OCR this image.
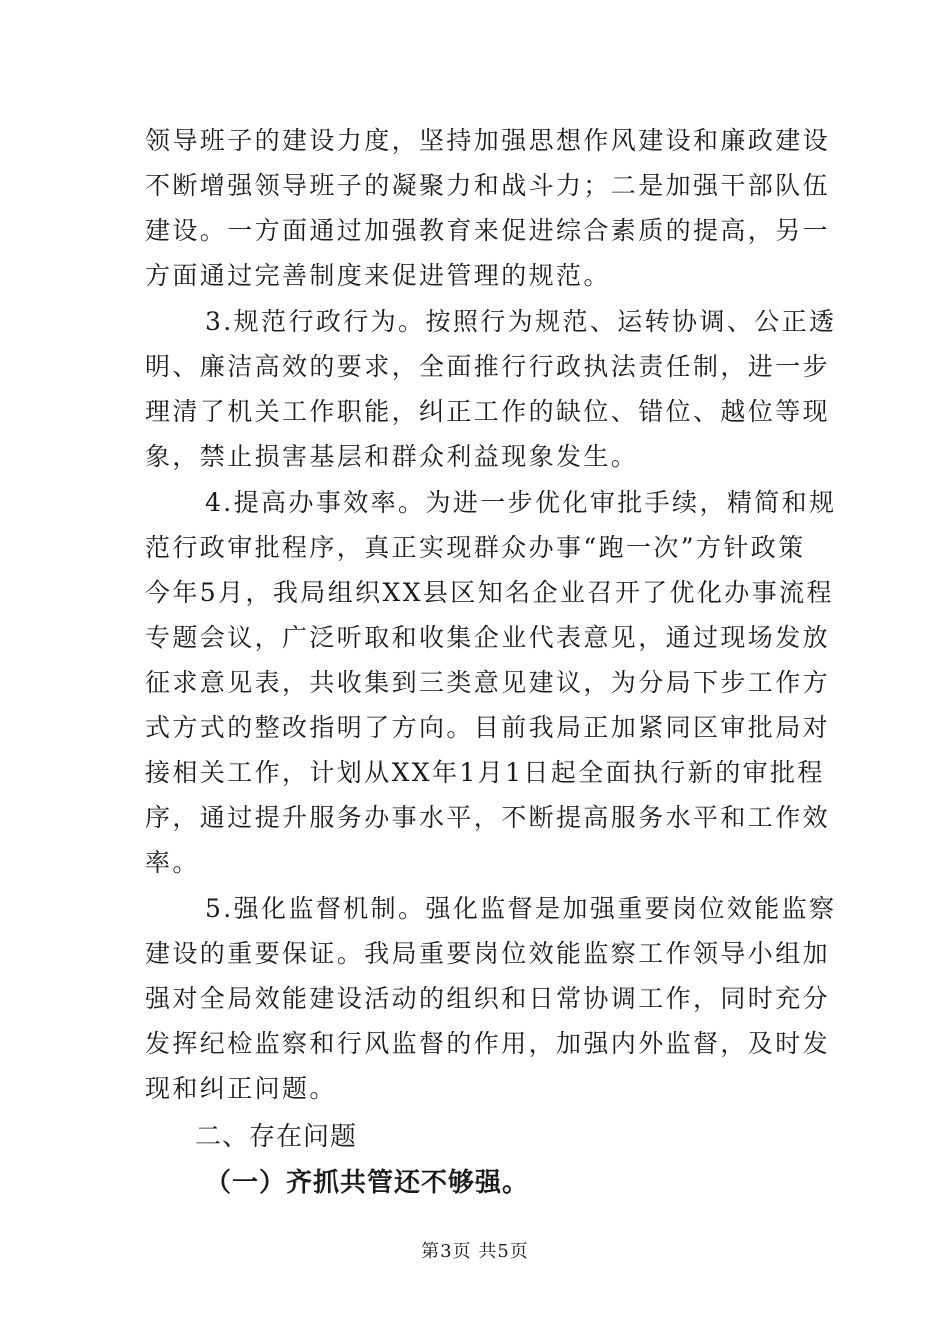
领导班子的建设力度，坚持加强思想作风建设和廉政建设
不断增强领导班子的凝聚力和战斗力；二是加强干部队伍
建设。一方面通过加强教育来促进综合素质的提高，另一
方面通过完善制度来促进管理的规范。
3.规范行政行为。按照行为规范、运转协调、公正透
明、廉洁高效的要求，全面推行行政执法责任制，进一步
理清了机关工作职能，纠正工作的缺位、错位、越位等现
象，禁止损害基层和群众利益现象发生。
4.提高办事效率。为进一步优化审批手续，精简和规
范行政审批程序，真正实现群众办事“跑一次”方针政策
今年5月，我局组织XX县区知名企业召开了优化办事流程
专题会议，广泛听取和收集企业代表意见，通过现场发放
征求意见表，共收集到三类意见建议，为分局下步工作方
式方式的整改指明了方向。目前我局正加紧同区审批局对
接相关工作，计划从XX年1月1日起全面执行新的审批程
序，通过提升服务办事水平，不断提高服务水平和工作效
率。
5.强化监督机制。强化监督是加强重要岗位效能监察
建设的重要保证。我局重要岗位效能监察工作领导小组加
强对全局效能建设活动的组织和日常协调工作，同时充分
发挥纪检监察和行风监督的作用，加强内外监督，及时发
现和纠正问题。
二、存在问题
（一）齐抓共管还不够强。
第3页 共5页
